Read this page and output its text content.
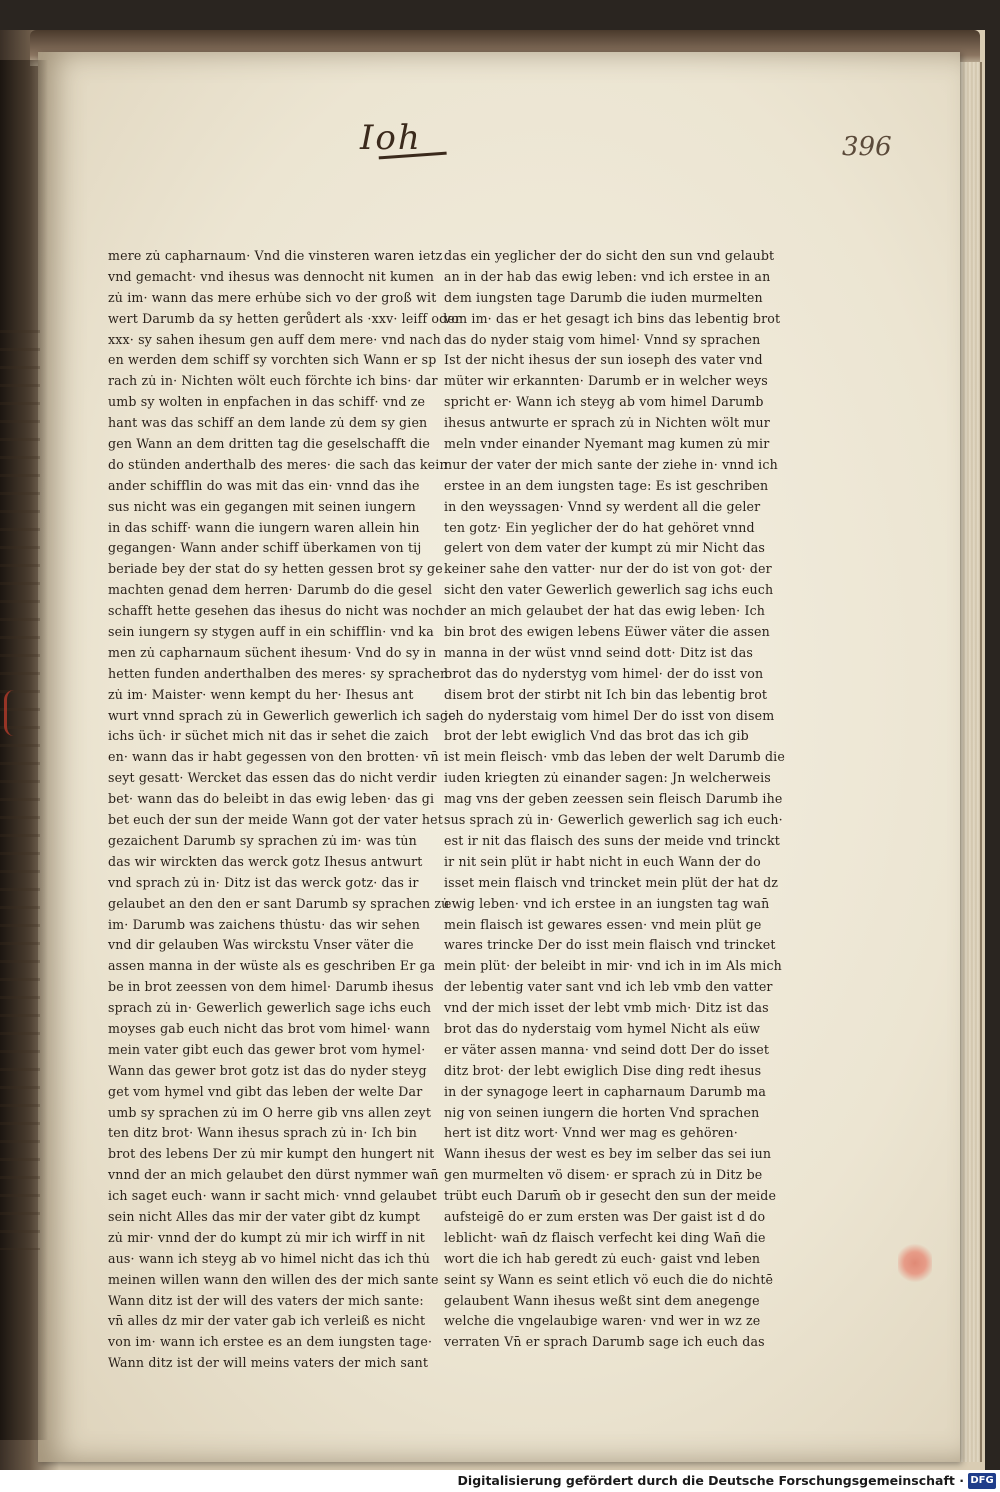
Ioh	396
mere zu̇ capharnaum· Vnd die vinsteren waren ietz
vnd gemacht· vnd ihesus was dennocht nit kumen
zu̇ im· wann das mere erhu̇be sich vo der groß wi̇t
wert Darumb da sy hetten gerůdert als ·xxv· leiff oder
xxx· sy sahen ihesum gen auff dem mere· vnd nach
en werden dem schiff sy vorchten sich Wann er sp
rach zu̇ in· Nichten wölt euch förchte ich bins· dar
umb sy wolten in enpfachen in das schiff· vnd ze
hant was das schiff an dem lande zu̇ dem sy gien
gen Wann an dem dritten tag die geselschafft die
do stünden anderthalb des meres· die sach das kein
ander schifflin do was mit das ein· vnnd das ihe
sus nicht was ein gegangen mit seinen iungern
in das schiff· wann die iungern waren allein hin
gegangen· Wann ander schiff überkamen von tij
beriade bey der stat do sy hetten gessen brot sy ge
machten genad dem herren· Darumb do die gesel
schafft hette gesehen das ihesus do nicht was noch
sein iungern sy stygen auff in ein schifflin· vnd ka
men zu̇ capharnaum süchent ihesum· Vnd do sy in
hetten funden anderthalben des meres· sy sprachen
zu̇ im· Maister· wenn kempt du her· Ihesus ant
wurt vnnd sprach zu̇ in Gewerlich gewerlich ich sage
ichs üch· ir süchet mich nit das ir sehet die zaich
en· wann das ir habt gegessen von den brotten· vn̄
seyt gesatt· Wercket das essen das do nicht verdir
bet· wann das do beleibt in das ewig leben· das gi
bet euch der sun der meide Wann got der vater het
gezaichent Darumb sy sprachen zu̇ im· was tu̇n
das wir wirckten das werck gotz Ihesus antwurt
vnd sprach zu̇ in· Ditz ist das werck gotz· das ir
gelaubet an den den er sant Darumb sy sprachen zu̇
im· Darumb was zaichens thu̇stu· das wir sehen
vnd dir gelauben Was wirckstu Vnser väter die
assen manna in der wüste als es geschriben Er ga
be in brot zeessen von dem himel· Darumb ihesus
sprach zu̇ in· Gewerlich gewerlich sage ichs euch
moyses gab euch nicht das brot vom himel· wann
mein vater gibt euch das gewer brot vom hymel·
Wann das gewer brot gotz ist das do nyder steyg
get vom hymel vnd gibt das leben der welte Dar
umb sy sprachen zu̇ im O herre gib vns allen zeyt
ten ditz brot· Wann ihesus sprach zu̇ in· Ich bin
brot des lebens Der zu̇ mir kumpt den hungert nit
vnnd der an mich gelaubet den dürst nymmer wan̄
ich saget euch· wann ir sacht mich· vnnd gelaubet
sein nicht Alles das mir der vater gibt dz kumpt
zu̇ mir· vnnd der do kumpt zu̇ mir ich wirff in nit
aus· wann ich steyg ab vo himel nicht das ich thu̇
meinen willen wann den willen des der mich sante
Wann ditz ist der will des vaters der mich sante:
vn̄ alles dz mir der vater gab ich verleiß es nicht
von im· wann ich erstee es an dem iungsten tage·
Wann ditz ist der will meins vaters der mich sant
das ein yeglicher der do sicht den sun vnd gelaubt
an in der hab das ewig leben: vnd ich erstee in an
dem iungsten tage Darumb die iuden murmelten
von im· das er het gesagt ich bins das lebentig brot
das do nyder staig vom himel· Vnnd sy sprachen
Ist der nicht ihesus der sun ioseph des vater vnd
müter wir erkannten· Darumb er in welcher weys
spricht er· Wann ich steyg ab vom himel Darumb
ihesus antwurte er sprach zu̇ in Nichten wölt mur
meln vnder einander Nyemant mag kumen zu̇ mir
nur der vater der mich sante der ziehe in· vnnd ich
erstee in an dem iungsten tage: Es ist geschriben
in den weyssagen· Vnnd sy werdent all die geler
ten gotz· Ein yeglicher der do hat gehöret vnnd
gelert von dem vater der kumpt zu̇ mir Nicht das
keiner sahe den vatter· nur der do ist von got· der
sicht den vater Gewerlich gewerlich sag ichs euch
der an mich gelaubet der hat das ewig leben· Ich
bin brot des ewigen lebens Eüwer väter die assen
manna in der wüst vnnd seind dott· Ditz ist das
brot das do nyderstyg vom himel· der do isst von
disem brot der stirbt nit Ich bin das lebentig brot
ich do nyderstaig vom himel Der do isst von disem
brot der lebt ewiglich Vnd das brot das ich gib
ist mein fleisch· vmb das leben der welt Darumb die
iuden kriegten zu̇ einander sagen: Jn welcherweis
mag vns der geben zeessen sein fleisch Darumb ihe
sus sprach zu̇ in· Gewerlich gewerlich sag ich euch·
est ir nit das flaisch des suns der meide vnd trinckt
ir nit sein plüt ir habt nicht in euch Wann der do
isset mein flaisch vnd trincket mein plüt der hat dz
ewig leben· vnd ich erstee in an iungsten tag wan̄
mein flaisch ist gewares essen· vnd mein plüt ge
wares trincke Der do isst mein flaisch vnd trincket
mein plüt· der beleibt in mir· vnd ich in im Als mich
der lebentig vater sant vnd ich leb vmb den vatter
vnd der mich isset der lebt vmb mich· Ditz ist das
brot das do nyderstaig vom hymel Nicht als eüw
er väter assen manna· vnd seind dott Der do isset
ditz brot· der lebt ewiglich Dise ding redt ihesus
in der synagoge leert in capharnaum Darumb ma
nig von seinen iungern die horten Vnd sprachen
hert ist ditz wort· Vnnd wer mag es gehören·
Wann ihesus der west es bey im selber das sei iun
gen murmelten vö disem· er sprach zu̇ in Ditz be
trübt euch Darum̄ ob ir gesecht den sun der meide
aufsteigē do er zum ersten was Der gaist ist d do
leblicht· wan̄ dz flaisch verfecht kei ding Wan̄ die
wort die ich hab geredt zu̇ euch· gaist vnd leben
seint sy Wann es seint etlich vö euch die do nichtē
gelaubent Wann ihesus weßt sint dem anegenge
welche die vngelaubige waren· vnd wer in wz ze
verraten Vn̄ er sprach Darumb sage ich euch das
Digitalisierung gefördert durch die Deutsche Forschungsgemeinschaft · DFG
